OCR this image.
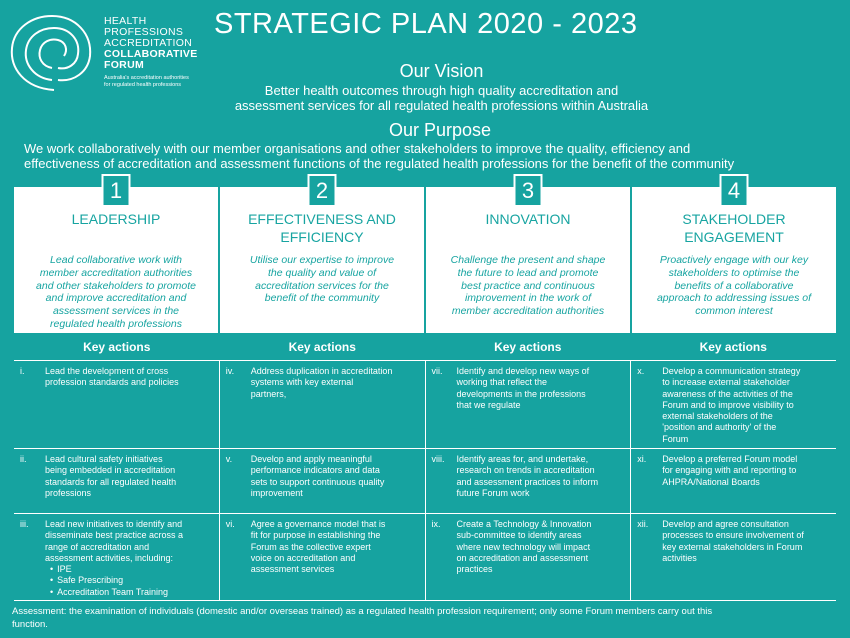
HEALTH
PROFESSIONS
ACCREDITATION
COLLABORATIVE
FORUM
Australia's accreditation authorities
for regulated health professions
STRATEGIC PLAN 2020 - 2023
Our Vision
Better health outcomes through high quality accreditation and
assessment services for all regulated health professions within Australia
Our Purpose
We work collaboratively with our member organisations and other stakeholders to improve the quality, efficiency and
effectiveness of accreditation and assessment functions of the regulated health professions for the benefit of the community
1
LEADERSHIP
Lead collaborative work with
member accreditation authorities
and other stakeholders to promote
and improve accreditation and
assessment services in the
regulated health professions
2
EFFECTIVENESS AND
EFFICIENCY
Utilise our expertise to improve
the quality and value of
accreditation services for the
benefit of the community
3
INNOVATION
Challenge the present and shape
the future to lead and promote
best practice and continuous
improvement in the work of
member accreditation authorities
4
STAKEHOLDER
ENGAGEMENT
Proactively engage with our key
stakeholders to optimise the
benefits of a collaborative
approach to addressing issues of
common interest
Key actions	Key actions	Key actions	Key actions
i. Lead the development of cross
profession standards and policies
iv. Address duplication in accreditation
systems with key external
partners,
vii. Identify and develop new ways of
working that reflect the
developments in the professions
that we regulate
x. Develop a communication strategy
to increase external stakeholder
awareness of the activities of the
Forum and to improve visibility to
external stakeholders of the
'position and authority' of the
Forum
ii. Lead cultural safety initiatives
being embedded in accreditation
standards for all regulated health
professions
v. Develop and apply meaningful
performance indicators and data
sets to support continuous quality
improvement
viii. Identify areas for, and undertake,
research on trends in accreditation
and assessment practices to inform
future Forum work
xi. Develop a preferred Forum model
for engaging with and reporting to
AHPRA/National Boards
iii. Lead new initiatives to identify and
disseminate best practice across a
range of accreditation and
assessment activities, including:
• IPE
• Safe Prescribing
• Accreditation Team Training
vi. Agree a governance model that is
fit for purpose in establishing the
Forum as the collective expert
voice on accreditation and
assessment services
ix. Create a Technology & Innovation
sub-committee to identify areas
where new technology will impact
on accreditation and assessment
practices
xii. Develop and agree consultation
processes to ensure involvement of
key external stakeholders in Forum
activities
Assessment: the examination of individuals (domestic and/or overseas trained) as a regulated health profession requirement; only some Forum members carry out this
function.
